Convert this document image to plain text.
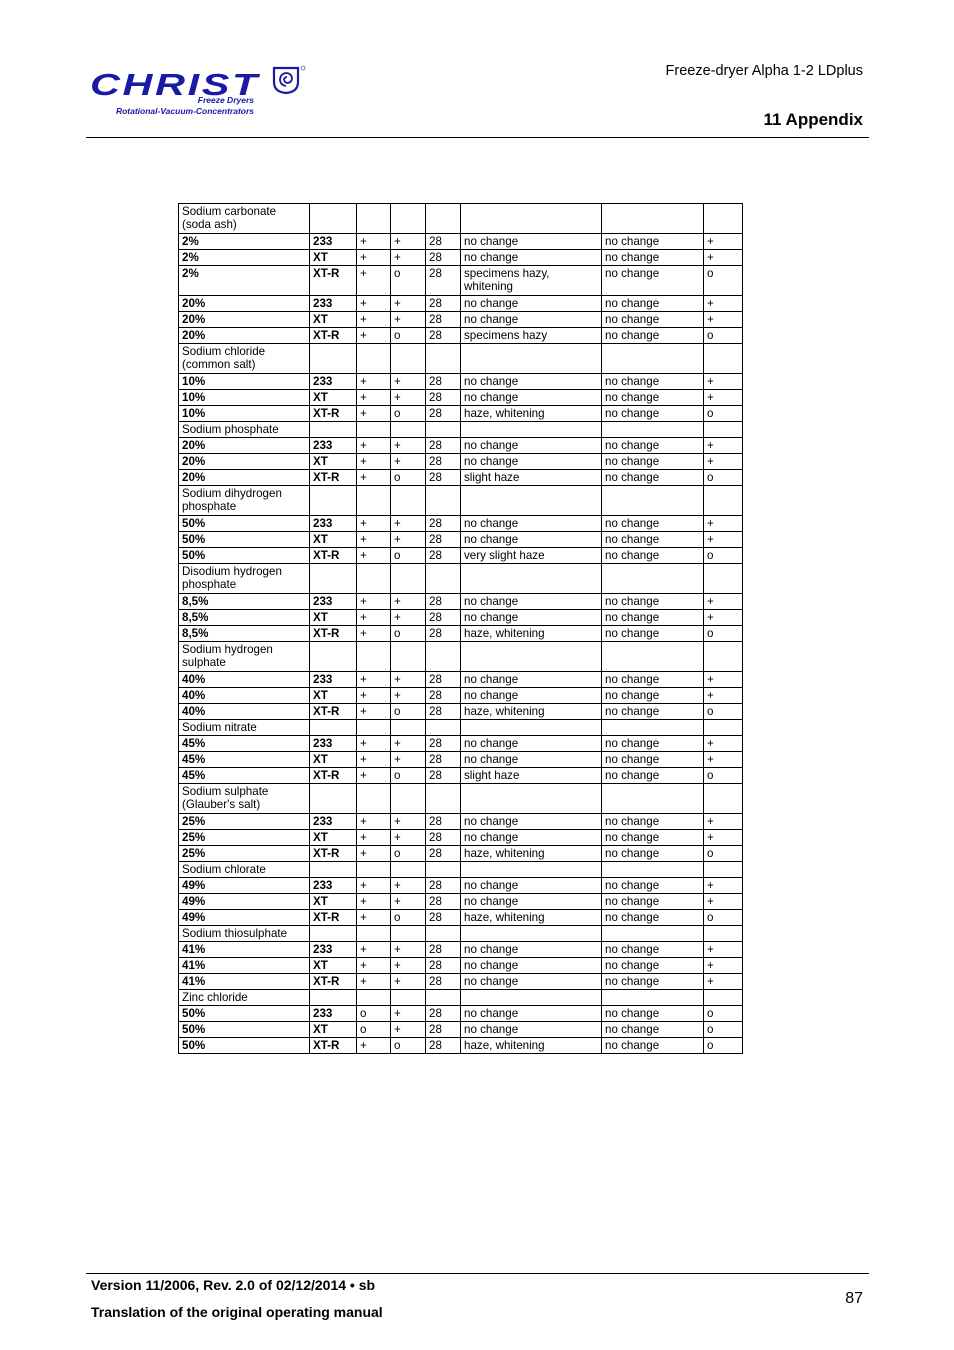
CHRIST
Freeze Dryers
Rotational-Vacuum-Concentrators
Freeze-dryer Alpha 1-2 LDplus
11 Appendix
Sodium carbonate (soda ash)							
2%	233	+	+	28	no change	no change	+
2%	XT	+	+	28	no change	no change	+
2%	XT-R	+	o	28	specimens hazy, whitening	no change	o
20%	233	+	+	28	no change	no change	+
20%	XT	+	+	28	no change	no change	+
20%	XT-R	+	o	28	specimens hazy	no change	o
Sodium chloride (common salt)							
10%	233	+	+	28	no change	no change	+
10%	XT	+	+	28	no change	no change	+
10%	XT-R	+	o	28	haze, whitening	no change	o
Sodium phosphate							
20%	233	+	+	28	no change	no change	+
20%	XT	+	+	28	no change	no change	+
20%	XT-R	+	o	28	slight haze	no change	o
Sodium dihydrogen phosphate							
50%	233	+	+	28	no change	no change	+
50%	XT	+	+	28	no change	no change	+
50%	XT-R	+	o	28	very slight haze	no change	o
Disodium hydrogen phosphate							
8,5%	233	+	+	28	no change	no change	+
8,5%	XT	+	+	28	no change	no change	+
8,5%	XT-R	+	o	28	haze, whitening	no change	o
Sodium hydrogen sulphate							
40%	233	+	+	28	no change	no change	+
40%	XT	+	+	28	no change	no change	+
40%	XT-R	+	o	28	haze, whitening	no change	o
Sodium nitrate							
45%	233	+	+	28	no change	no change	+
45%	XT	+	+	28	no change	no change	+
45%	XT-R	+	o	28	slight haze	no change	o
Sodium sulphate (Glauber's salt)							
25%	233	+	+	28	no change	no change	+
25%	XT	+	+	28	no change	no change	+
25%	XT-R	+	o	28	haze, whitening	no change	o
Sodium chlorate							
49%	233	+	+	28	no change	no change	+
49%	XT	+	+	28	no change	no change	+
49%	XT-R	+	o	28	haze, whitening	no change	o
Sodium thiosulphate							
41%	233	+	+	28	no change	no change	+
41%	XT	+	+	28	no change	no change	+
41%	XT-R	+	+	28	no change	no change	+
Zinc chloride							
50%	233	o	+	28	no change	no change	o
50%	XT	o	+	28	no change	no change	o
50%	XT-R	+	o	28	haze, whitening	no change	o
Version 11/2006, Rev. 2.0 of 02/12/2014 • sb
Translation of the original operating manual
87
